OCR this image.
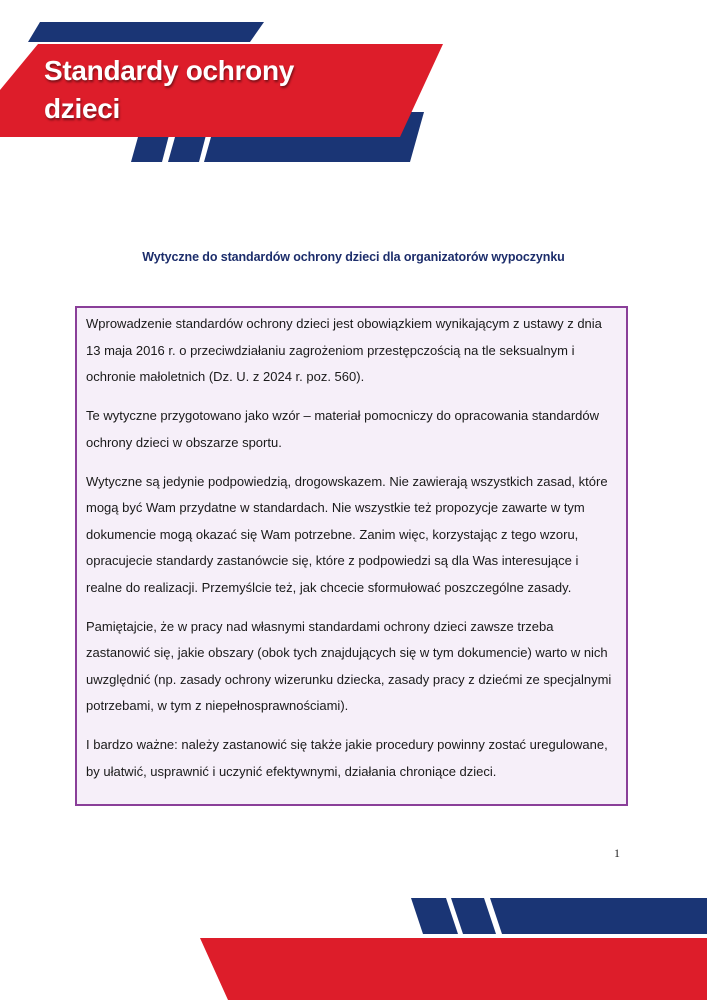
Standardy ochrony
dzieci
Wytyczne do standardów ochrony dzieci dla organizatorów wypoczynku

Wprowadzenie standardów ochrony dzieci jest obowiązkiem wynikającym z ustawy z dnia 13 maja 2016 r. o przeciwdziałaniu zagrożeniom przestępczością na tle seksualnym i ochronie małoletnich (Dz. U. z 2024 r. poz. 560).

Te wytyczne przygotowano jako wzór – materiał pomocniczy do opracowania standardów ochrony dzieci w obszarze sportu.

Wytyczne są jedynie podpowiedzią, drogowskazem. Nie zawierają wszystkich zasad, które mogą być Wam przydatne w standardach. Nie wszystkie też propozycje zawarte w tym dokumencie mogą okazać się Wam potrzebne. Zanim więc, korzystając z tego wzoru, opracujecie standardy zastanówcie się, które z podpowiedzi są dla Was interesujące i realne do realizacji. Przemyślcie też, jak chcecie sformułować poszczególne zasady.

Pamiętajcie, że w pracy nad własnymi standardami ochrony dzieci zawsze trzeba zastanowić się, jakie obszary (obok tych znajdujących się w tym dokumencie) warto w nich uwzględnić (np. zasady ochrony wizerunku dziecka, zasady pracy z dziećmi ze specjalnymi potrzebami, w tym z niepełnosprawnościami).

I bardzo ważne: należy zastanowić się także jakie procedury powinny zostać uregulowane, by ułatwić, usprawnić i uczynić efektywnymi, działania chroniące dzieci.

1
